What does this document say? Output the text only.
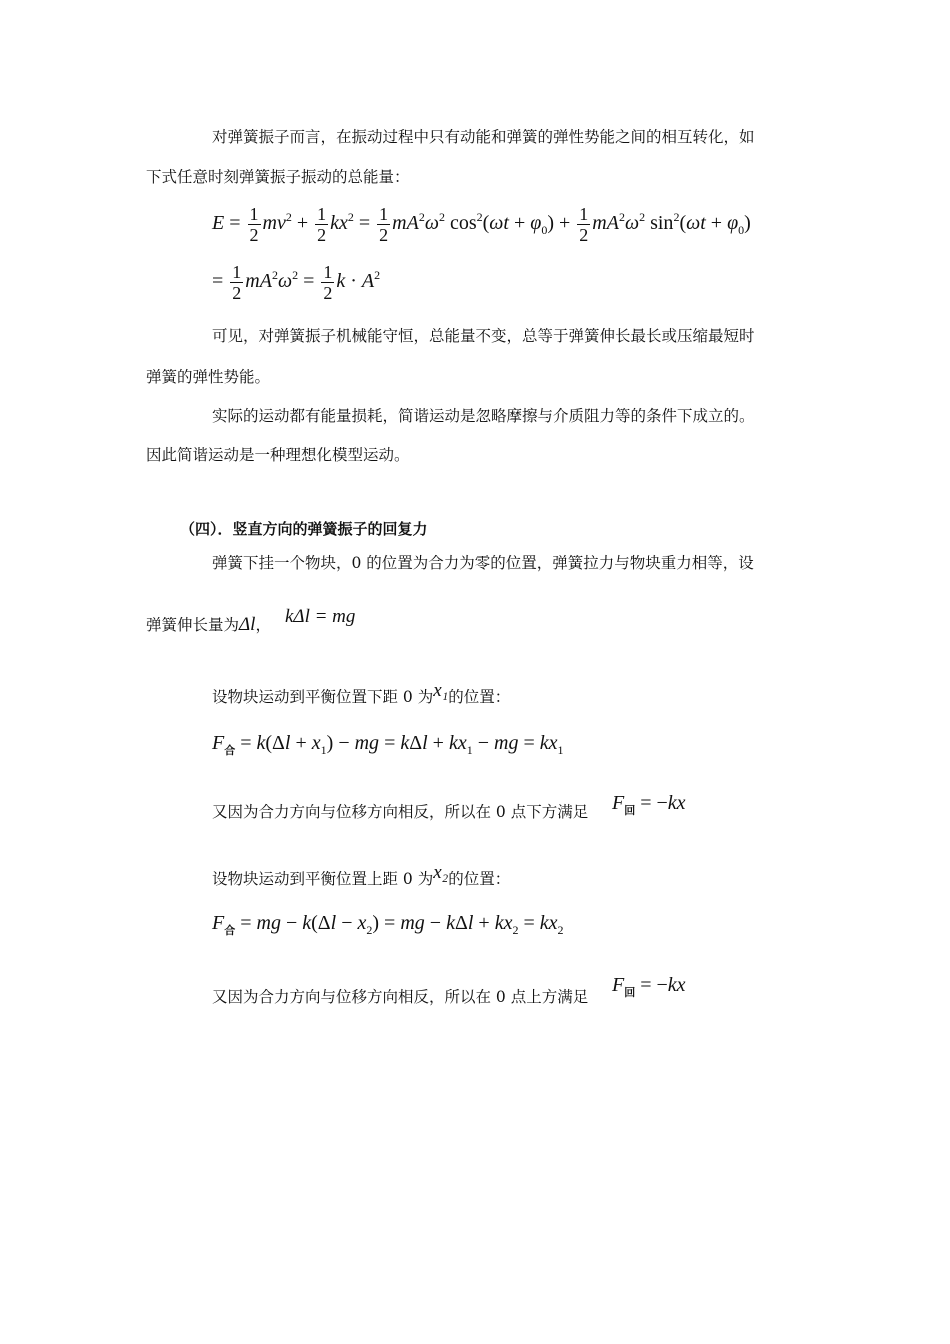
对弹簧振子而言，在振动过程中只有动能和弹簧的弹性势能之间的相互转化，如
下式任意时刻弹簧振子振动的总能量：
$E = \frac{1}{2} mv^2 + \frac{1}{2} kx^2 = \frac{1}{2} mA^2\omega^2$ $\cos^2(\omega t + \varphi_0) + \frac{1}{2} mA^2\omega^2$ $\sin^2(\omega t + \varphi_0)$
= $\frac{1}{2} mA^2\omega^2 = \frac{1}{2}$ $k \cdot A^2$
可见，对弹簧振子机械能守恒，总能量不变，总等于弹簧伸长最长或压缩最短时
弹簧的弹性势能。
实际的运动都有能量损耗，简谐运动是忽略摩擦与介质阻力等的条件下成立的。
因此简谐运动是一种理想化模型运动。
（四）．竖直方向的弹簧振子的回复力
弹簧下挂一个物块，0 的位置为合力为零的位置，弹簧拉力与物块重力相等，设
弹簧伸长量为Δl， kΔl = mg
设物块运动到平衡位置下距 0 为x₁的位置：
$F_合 = k(\Delta l + x_1)$ − mg = $k\Delta l + kx_1$ − mg = $kx_1$
又因为合力方向与位移方向相反，所以在 0 点下方满足 $F_回 = -kx$
设物块运动到平衡位置上距 0 为x₂的位置：
$F_合$ = mg − $k(\Delta l - x_2)$ = mg − $k\Delta l + kx_2 = kx_2$
又因为合力方向与位移方向相反，所以在 0 点上方满足
$F_回 = -kx$
